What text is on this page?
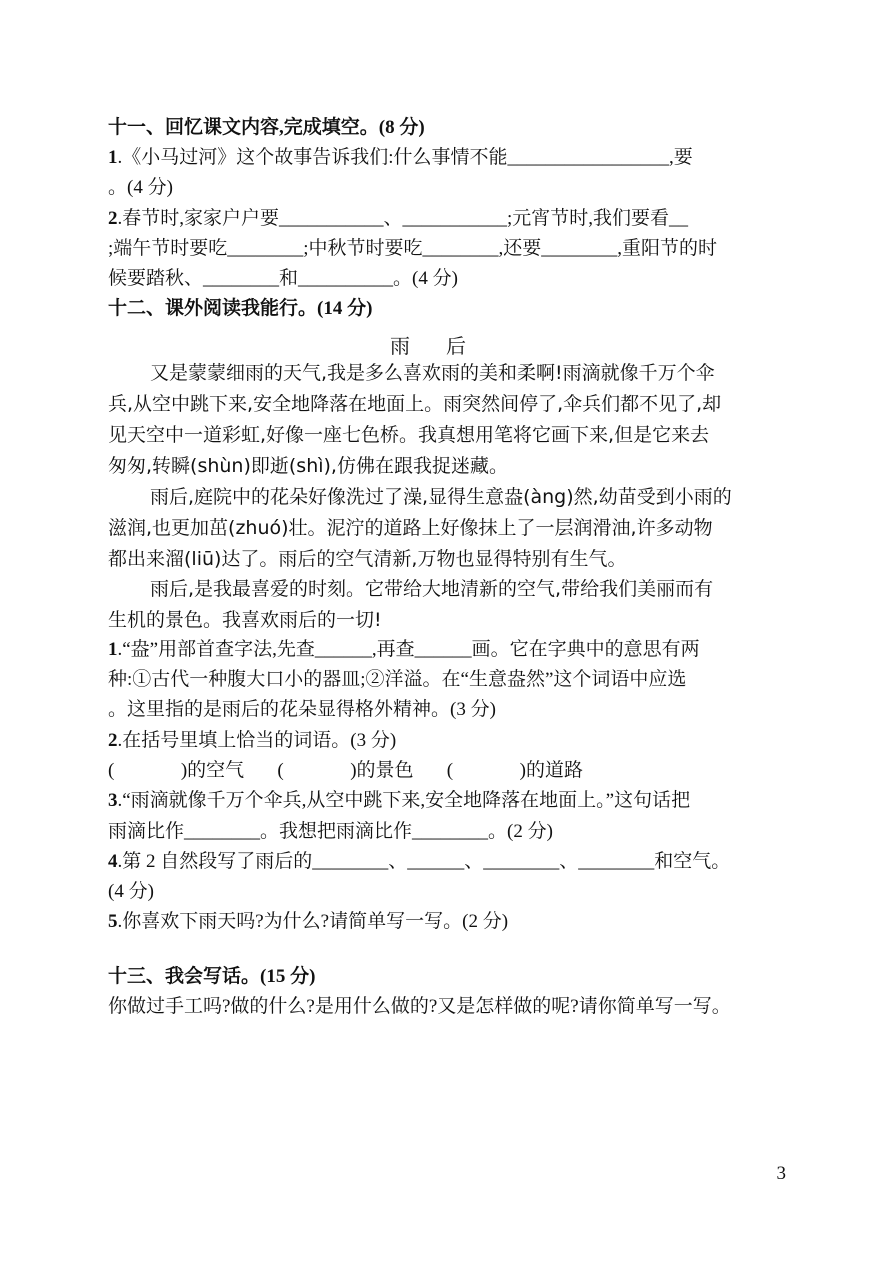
十一、回忆课文内容,完成填空。(8 分)
1.《小马过河》这个故事告诉我们:什么事情不能_________________,要
。(4 分)
2.春节时,家家户户要___________、___________;元宵节时,我们要看__
;端午节时要吃________;中秋节时要吃________,还要________,重阳节的时
候要踏秋、________和__________。(4 分)
十二、课外阅读我能行。(14 分)
雨后
又是蒙蒙细雨的天气,我是多么喜欢雨的美和柔啊!雨滴就像千万个伞
兵,从空中跳下来,安全地降落在地面上。雨突然间停了,伞兵们都不见了,却
见天空中一道彩虹,好像一座七色桥。我真想用笔将它画下来,但是它来去
匆匆,转瞬(shùn)即逝(shì),仿佛在跟我捉迷藏。
雨后,庭院中的花朵好像洗过了澡,显得生意盎(àng)然,幼苗受到小雨的
滋润,也更加茁(zhuó)壮。泥泞的道路上好像抹上了一层润滑油,许多动物
都出来溜(liū)达了。雨后的空气清新,万物也显得特别有生气。
雨后,是我最喜爱的时刻。它带给大地清新的空气,带给我们美丽而有
生机的景色。我喜欢雨后的一切!
1.“盎”用部首查字法,先查______,再查______画。它在字典中的意思有两
种:①古代一种腹大口小的器皿;②洋溢。在“生意盎然”这个词语中应选
。这里指的是雨后的花朵显得格外精神。(3 分)
2.在括号里填上恰当的词语。(3 分)
(              )的空气       (              )的景色       (              )的道路
3.“雨滴就像千万个伞兵,从空中跳下来,安全地降落在地面上。”这句话把
雨滴比作________。我想把雨滴比作________。(2 分)
4.第 2 自然段写了雨后的________、______、________、________和空气。
(4 分)
5.你喜欢下雨天吗?为什么?请简单写一写。(2 分)
十三、我会写话。(15 分)
你做过手工吗?做的什么?是用什么做的?又是怎样做的呢?请你简单写一写。
3
